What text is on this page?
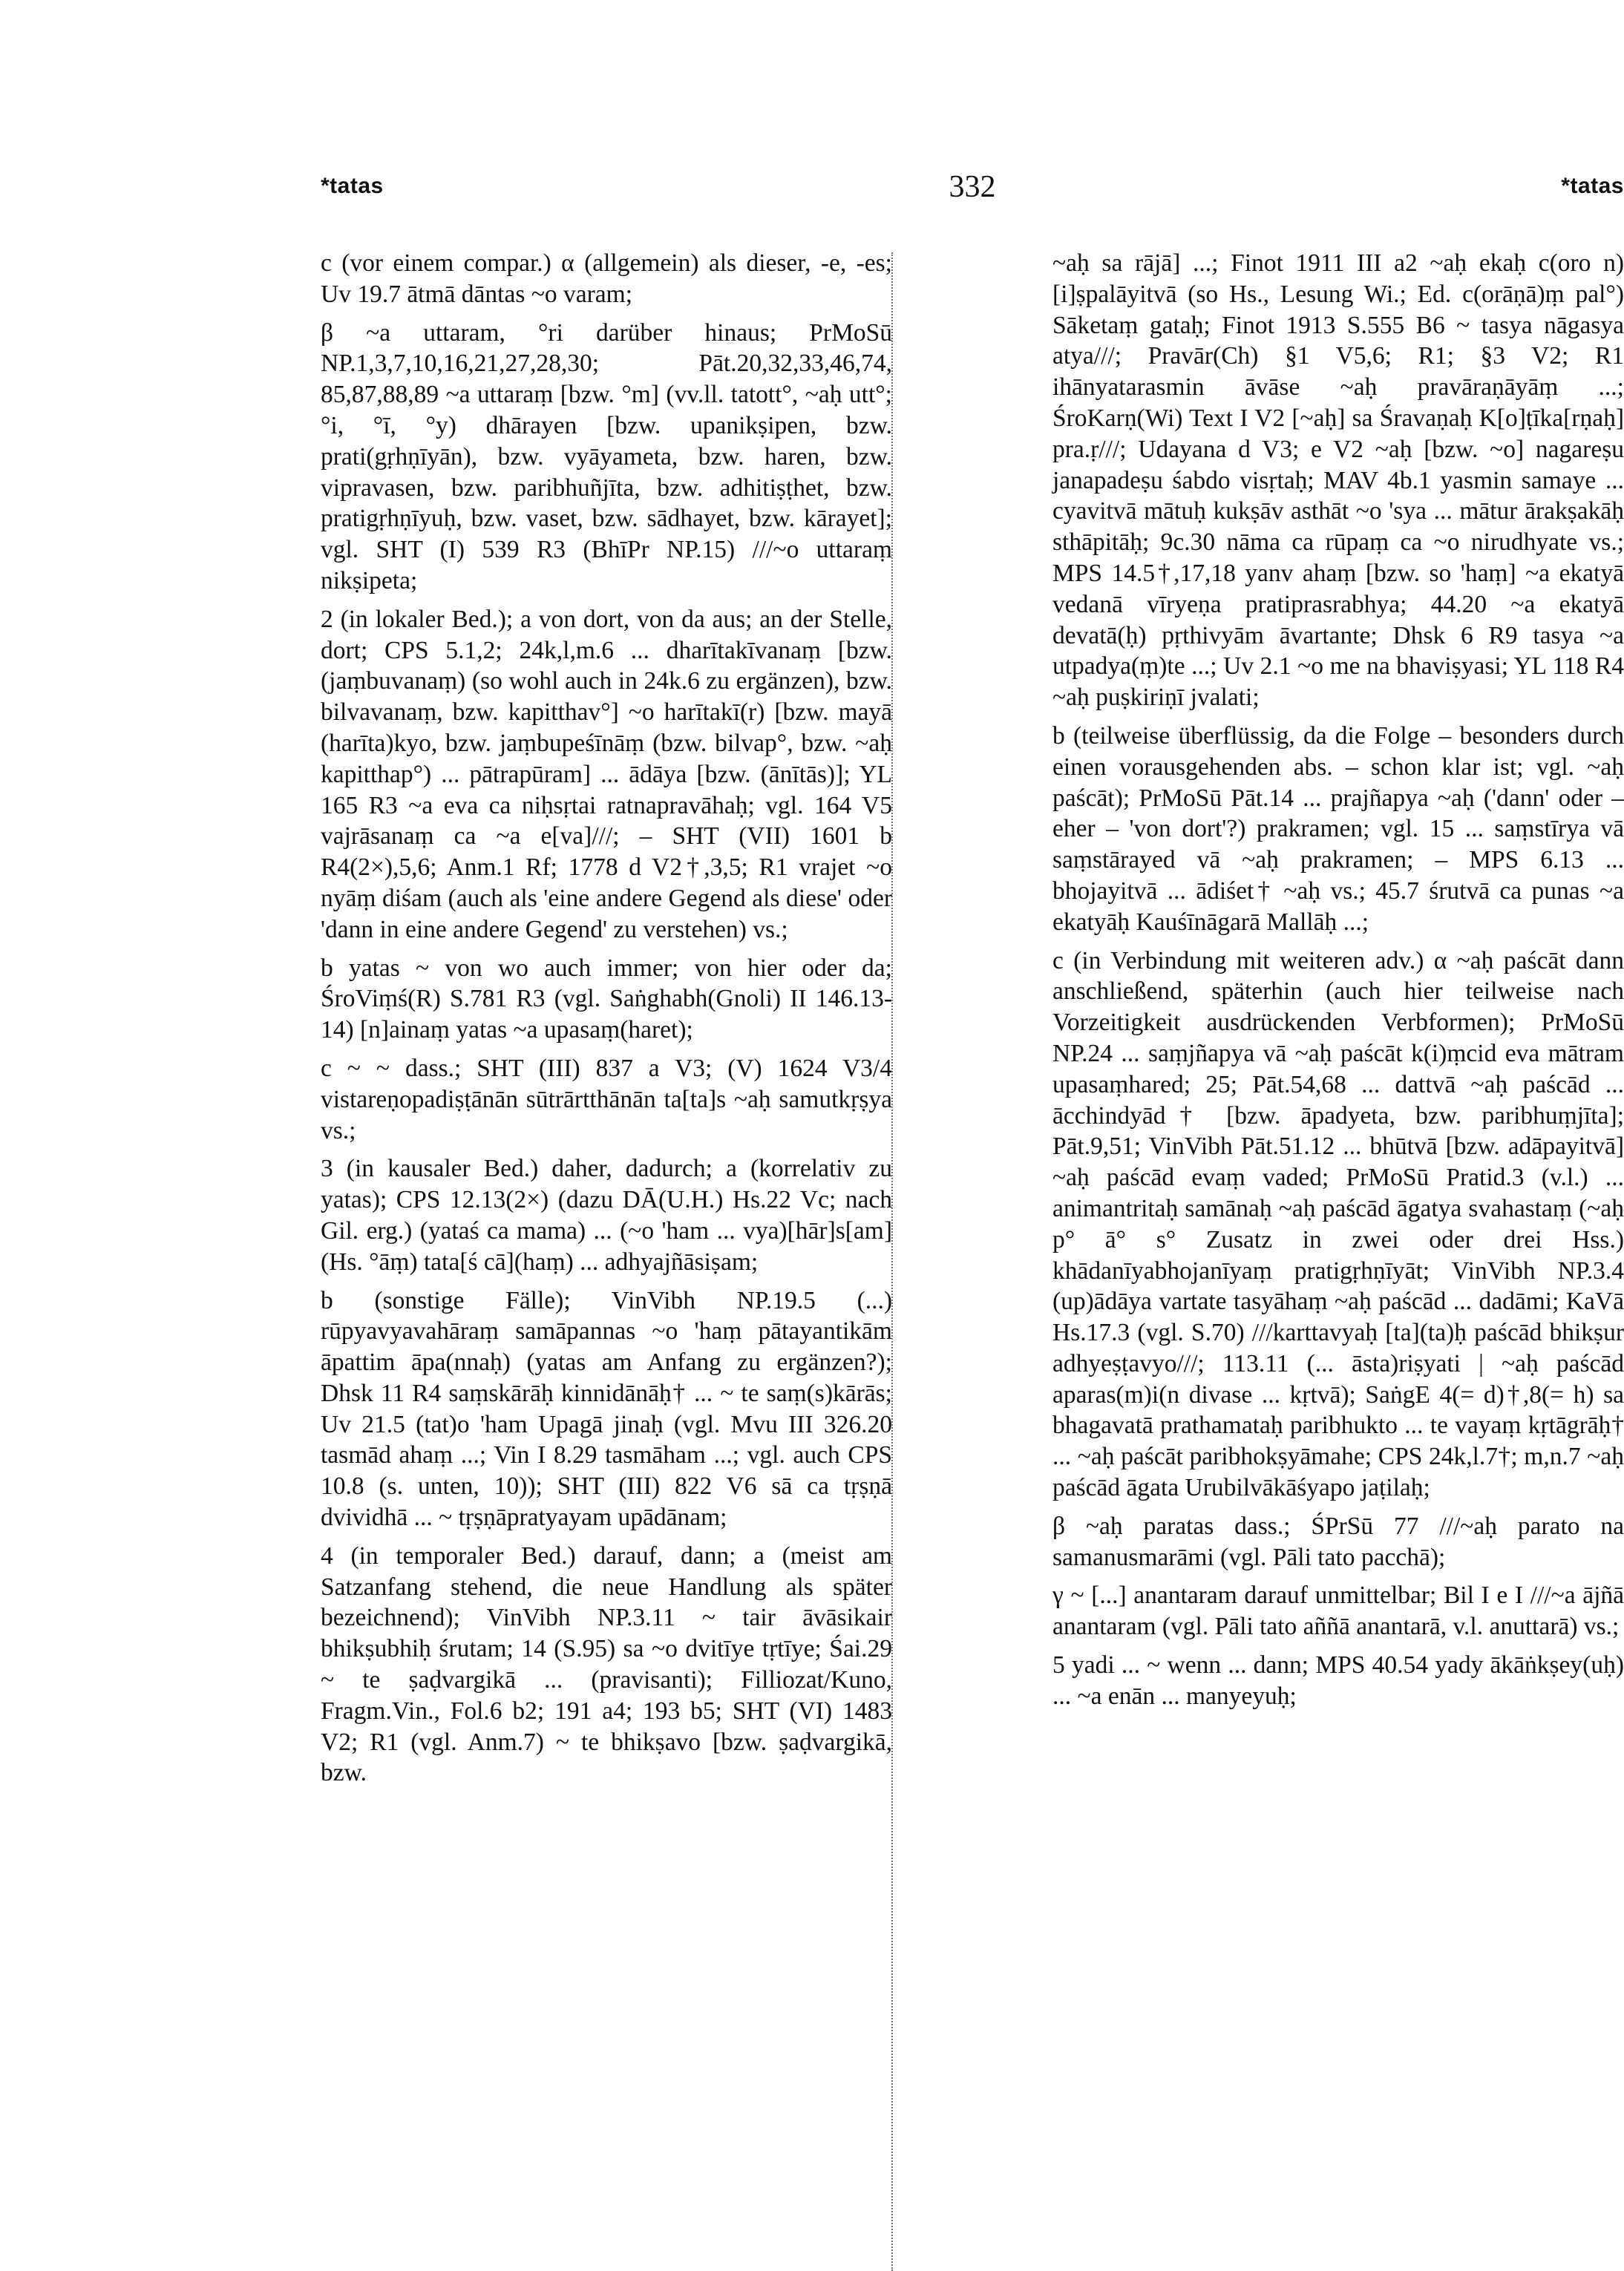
*tatas	332	*tatas

c (vor einem compar.) α (allgemein) als dieser, -e, -es; Uv 19.7 ātmā dāntas ~o varam;

β ~a uttaram, °ri darüber hinaus; PrMoSū NP.1,3,7,10,16,21,27,28,30; Pāt.20,32,33,46,74, 85,87,88,89 ~a uttaraṃ [bzw. °m] (vv.ll. tatott°, ~aḥ utt°; °i, °ī, °y) dhārayen [bzw. upanikṣipen, bzw. prati(gṛhṇīyān), bzw. vyāyameta, bzw. haren, bzw. vipravasen, bzw. paribhuñjīta, bzw. adhitiṣṭhet, bzw. pratigṛhṇīyuḥ, bzw. vaset, bzw. sādhayet, bzw. kārayet]; vgl. SHT (I) 539 R3 (BhīPr NP.15) ///~o uttaraṃ nikṣipeta;

2 (in lokaler Bed.); a von dort, von da aus; an der Stelle, dort; CPS 5.1,2; 24k,l,m.6 ... dharītakīvanaṃ [bzw. (jaṃbuvanaṃ) (so wohl auch in 24k.6 zu ergänzen), bzw. bilvavanaṃ, bzw. kapitthav°] ~o harītakī(r) [bzw. mayā (harīta)kyo, bzw. jaṃbupeśīnāṃ (bzw. bilvap°, bzw. ~aḥ kapitthap°) ... pātrapūram] ... ādāya [bzw. (ānītās)]; YL 165 R3 ~a eva ca niḥsṛtai ratnapravāhaḥ; vgl. 164 V5 vajrāsanaṃ ca ~a e[va]///; – SHT (VII) 1601 b R4(2×),5,6; Anm.1 Rf; 1778 d V2†,3,5; R1 vrajet ~o nyāṃ diśam (auch als 'eine andere Gegend als diese' oder 'dann in eine andere Gegend' zu verstehen) vs.;

b yatas ~ von wo auch immer; von hier oder da; ŚroViṃś(R) S.781 R3 (vgl. Saṅghabh(Gnoli) II 146.13-14) [n]ainaṃ yatas ~a upasaṃ(haret);

c ~ ~ dass.; SHT (III) 837 a V3; (V) 1624 V3/4 vistareṇopadiṣṭānān sūtrārtthānān ta[ta]s ~aḥ samutkṛṣya vs.;

3 (in kausaler Bed.) daher, dadurch; a (korrelativ zu yatas); CPS 12.13(2×) (dazu DĀ(U.H.) Hs.22 Vc; nach Gil. erg.) (yataś ca mama) ... (~o 'ham ... vya)[hār]s[am] (Hs. °āṃ) tata[ś cā](haṃ) ... adhyajñāsiṣam;

b (sonstige Fälle); VinVibh NP.19.5 (...) rūpyavyavahāraṃ samāpannas ~o 'haṃ pātayantikām āpattim āpa(nnaḥ) (yatas am Anfang zu ergänzen?); Dhsk 11 R4 saṃskārāḥ kinnidānāḥ† ... ~ te saṃ(s)kārās; Uv 21.5 (tat)o 'ham Upagā jinaḥ (vgl. Mvu III 326.20 tasmād ahaṃ ...; Vin I 8.29 tasmāham ...; vgl. auch CPS 10.8 (s. unten, 10)); SHT (III) 822 V6 sā ca tṛṣṇā dvividhā ... ~ tṛṣṇāpratyayam upādānam;

4 (in temporaler Bed.) darauf, dann; a (meist am Satzanfang stehend, die neue Handlung als später bezeichnend); VinVibh NP.3.11 ~ tair āvāsikair bhikṣubhiḥ śrutam; 14 (S.95) sa ~o dvitīye tṛtīye; Śai.29 ~ te ṣaḍvargikā ... (pravisanti); Filliozat/Kuno, Fragm.Vin., Fol.6 b2; 191 a4; 193 b5; SHT (VI) 1483 V2; R1 (vgl. Anm.7) ~ te bhikṣavo [bzw. ṣaḍvargikā, bzw.

~aḥ sa rājā] ...; Finot 1911 III a2 ~aḥ ekaḥ c(oro n)[i]ṣpalāyitvā (so Hs., Lesung Wi.; Ed. c(orāṇā)ṃ pal°) Sāketaṃ gataḥ; Finot 1913 S.555 B6 ~ tasya nāgasya atya///; Pravār(Ch) §1 V5,6; R1; §3 V2; R1 ihānyatarasmin āvāse ~aḥ pravāraṇāyāṃ ...; ŚroKarṇ(Wi) Text I V2 [~aḥ] sa Śravaṇaḥ K[o]ṭīka[rṇaḥ] pra.ṛ///; Udayana d V3; e V2 ~aḥ [bzw. ~o] nagareṣu janapadeṣu śabdo visṛtaḥ; MAV 4b.1 yasmin samaye ... cyavitvā mātuḥ kukṣāv asthāt ~o 'sya ... mātur ārakṣakāḥ sthāpitāḥ; 9c.30 nāma ca rūpaṃ ca ~o nirudhyate vs.; MPS 14.5†,17,18 yanv ahaṃ [bzw. so 'haṃ] ~a ekatyā vedanā vīryeṇa pratiprasrabhya; 44.20 ~a ekatyā devatā(ḥ) pṛthivyām āvartante; Dhsk 6 R9 tasya ~a utpadya(ṃ)te ...; Uv 2.1 ~o me na bhaviṣyasi; YL 118 R4 ~aḥ puṣkiriṇī jvalati;

b (teilweise überflüssig, da die Folge – besonders durch einen vorausgehenden abs. – schon klar ist; vgl. ~aḥ paścāt); PrMoSū Pāt.14 ... prajñapya ~aḥ ('dann' oder – eher – 'von dort'?) prakramen; vgl. 15 ... saṃstīrya vā saṃstārayed vā ~aḥ prakramen; – MPS 6.13 ... bhojayitvā ... ādiśet† ~aḥ vs.; 45.7 śrutvā ca punas ~a ekatyāḥ Kauśīnāgarā Mallāḥ ...;

c (in Verbindung mit weiteren adv.) α ~aḥ paścāt dann anschließend, späterhin (auch hier teilweise nach Vorzeitigkeit ausdrückenden Verbformen); PrMoSū NP.24 ... saṃjñapya vā ~aḥ paścāt k(i)ṃcid eva mātram upasaṃhared; 25; Pāt.54,68 ... dattvā ~aḥ paścād ... ācchindyād† [bzw. āpadyeta, bzw. paribhuṃjīta]; Pāt.9,51; VinVibh Pāt.51.12 ... bhūtvā [bzw. adāpayitvā] ~aḥ paścād evaṃ vaded; PrMoSū Pratid.3 (v.l.) ... animantritaḥ samānaḥ ~aḥ paścād āgatya svahastaṃ (~aḥ p° ā° s° Zusatz in zwei oder drei Hss.) khādanīyabhojanīyaṃ pratigṛhṇīyāt; VinVibh NP.3.4 (up)ādāya vartate tasyāhaṃ ~aḥ paścād ... dadāmi; KaVā Hs.17.3 (vgl. S.70) ///karttavyaḥ [ta](ta)ḥ paścād bhikṣur adhyeṣṭavyo///; 113.11 (... āsta)riṣyati | ~aḥ paścād aparas(m)i(n divase ... kṛtvā); SaṅgE 4(= d)†,8(= h) sa bhagavatā prathamataḥ paribhukto ... te vayaṃ kṛtāgrāḥ† ... ~aḥ paścāt paribhokṣyāmahe; CPS 24k,l.7†; m,n.7 ~aḥ paścād āgata Urubilvākāśyapo jaṭilaḥ;

β ~aḥ paratas dass.; ŚPrSū 77 ///~aḥ parato na samanusmarāmi (vgl. Pāli tato pacchā);

γ ~ [...] anantaram darauf unmittelbar; Bil I e I ///~a ājñā anantaram (vgl. Pāli tato aññā anantarā, v.l. anuttarā) vs.;

5 yadi ... ~ wenn ... dann; MPS 40.54 yady ākāṅkṣey(uḥ) ... ~a enān ... manyeyuḥ;
